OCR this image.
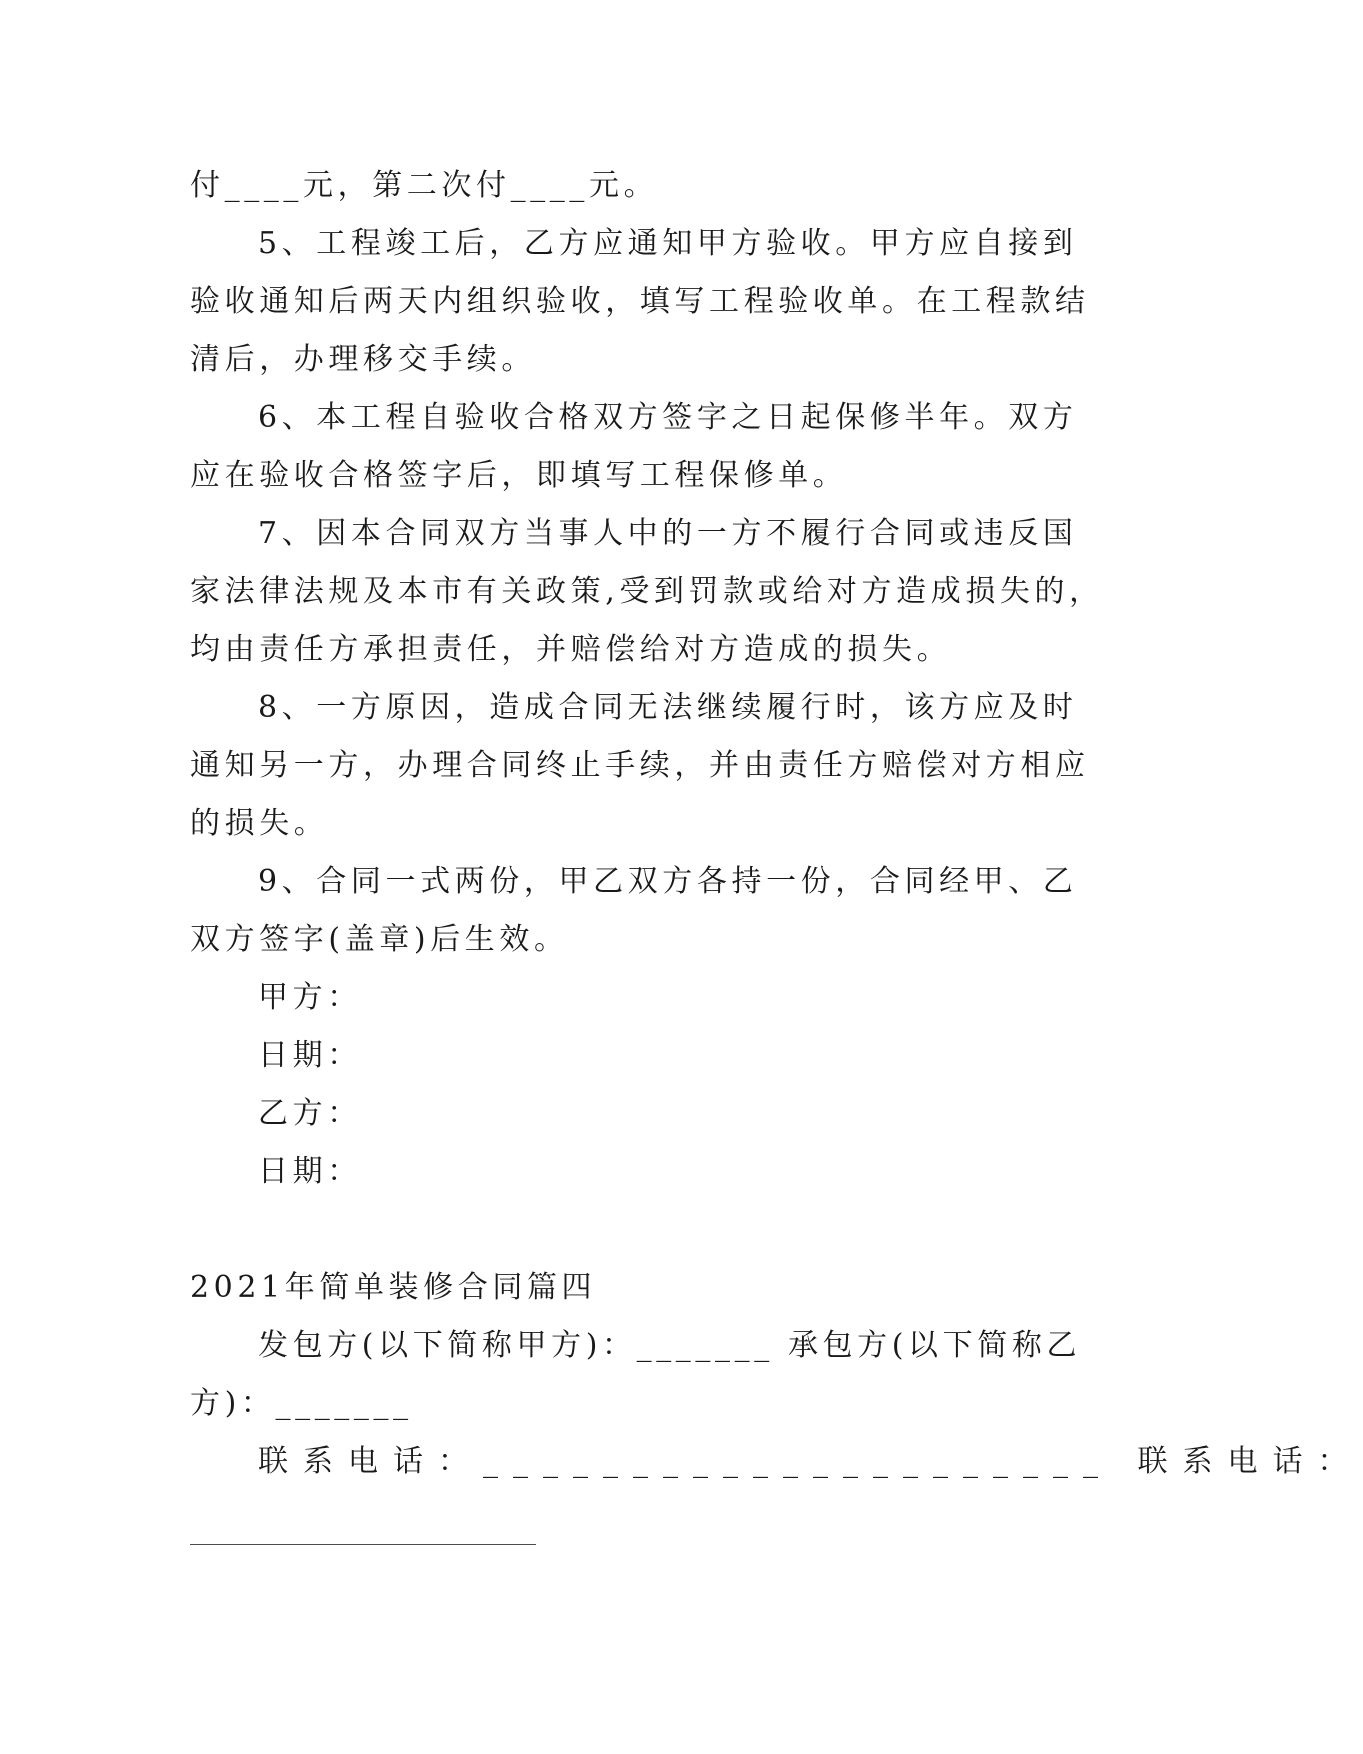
付____元，第二次付____元。
5、工程竣工后，乙方应通知甲方验收。甲方应自接到
验收通知后两天内组织验收，填写工程验收单。在工程款结
清后，办理移交手续。
6、本工程自验收合格双方签字之日起保修半年。双方
应在验收合格签字后，即填写工程保修单。
7、因本合同双方当事人中的一方不履行合同或违反国
家法律法规及本市有关政策,受到罚款或给对方造成损失的，
均由责任方承担责任，并赔偿给对方造成的损失。
8、一方原因，造成合同无法继续履行时，该方应及时
通知另一方，办理合同终止手续，并由责任方赔偿对方相应
的损失。
9、合同一式两份，甲乙双方各持一份，合同经甲、乙
双方签字(盖章)后生效。
甲方：
日期：
乙方：
日期：
2021年简单装修合同篇四
发包方(以下简称甲方)：_______ 承包方(以下简称乙
方)：_______
联系电话：_____________________ 联系电话：
